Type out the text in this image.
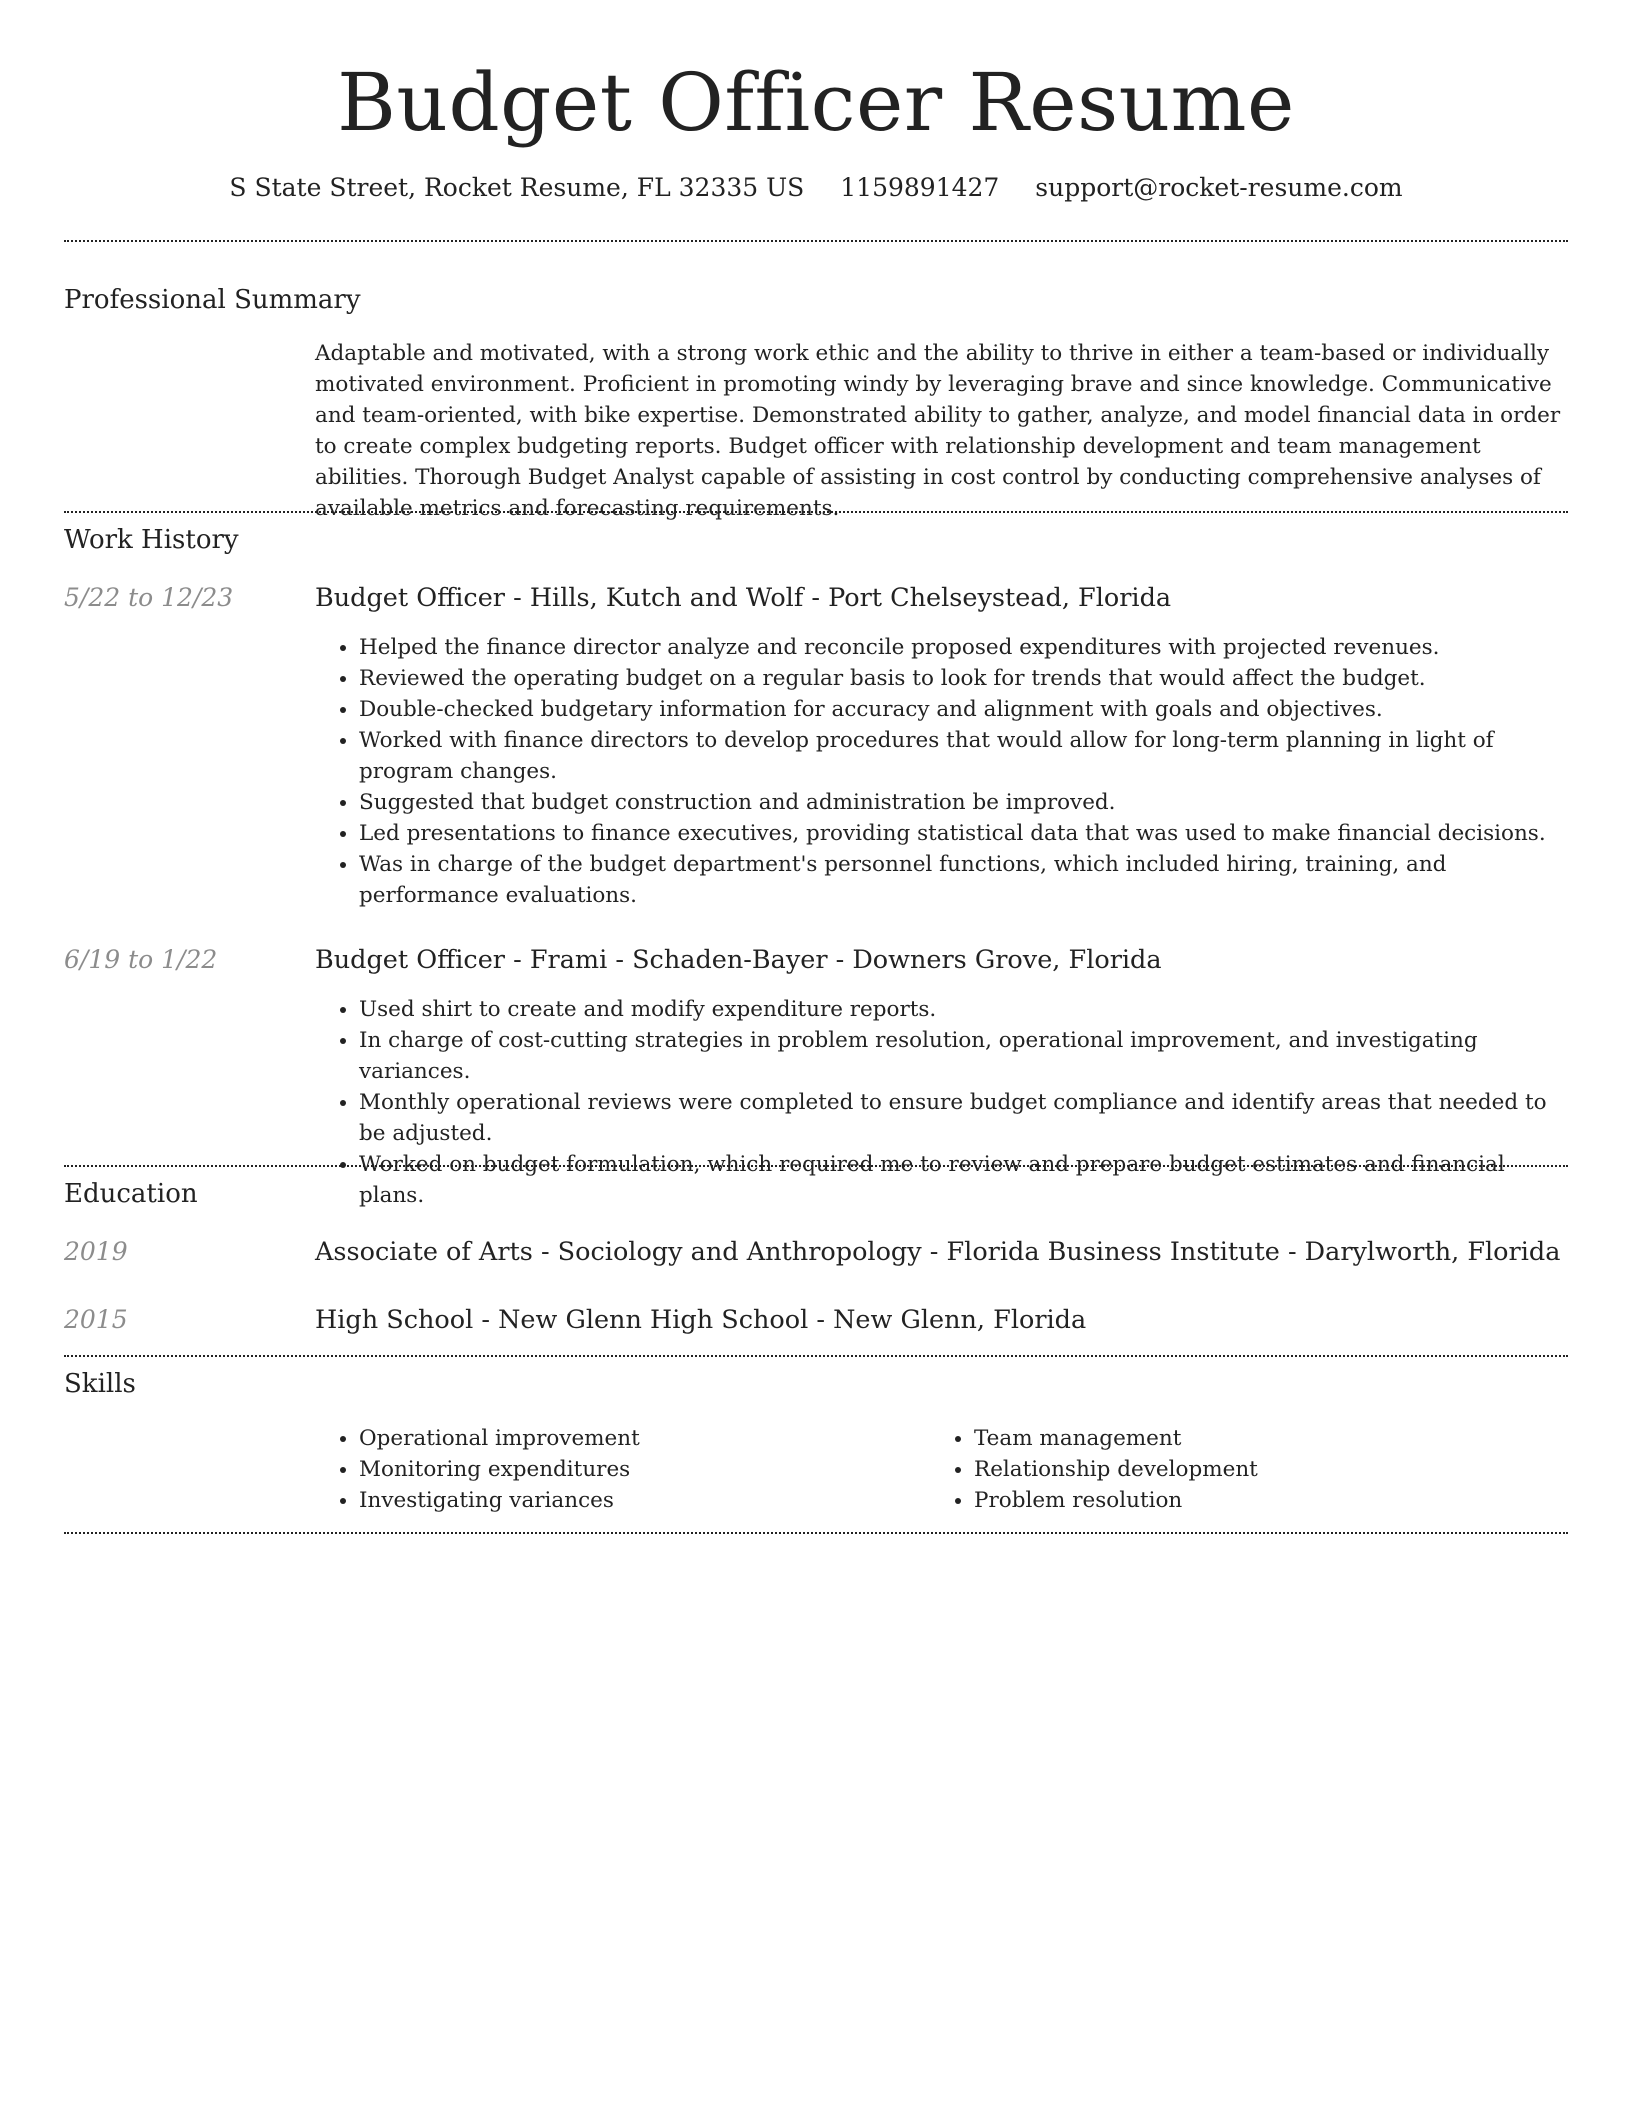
Budget Officer Resume
S State Street, Rocket Resume, FL 32335 US 1159891427 support@rocket-resume.com
Professional Summary

Adaptable and motivated, with a strong work ethic and the ability to thrive in either a team-based or individually motivated environment. Proficient in promoting windy by leveraging brave and since knowledge. Communicative and team-oriented, with bike expertise. Demonstrated ability to gather, analyze, and model financial data in order to create complex budgeting reports. Budget officer with relationship development and team management abilities. Thorough Budget Analyst capable of assisting in cost control by conducting comprehensive analyses of available metrics and forecasting requirements.

Work History
5/22 to 12/23	Budget Officer - Hills, Kutch and Wolf - Port Chelseystead, Florida
• Helped the finance director analyze and reconcile proposed expenditures with projected revenues.
• Reviewed the operating budget on a regular basis to look for trends that would affect the budget.
• Double-checked budgetary information for accuracy and alignment with goals and objectives.
• Worked with finance directors to develop procedures that would allow for long-term planning in light of program changes.
• Suggested that budget construction and administration be improved.
• Led presentations to finance executives, providing statistical data that was used to make financial decisions.
• Was in charge of the budget department's personnel functions, which included hiring, training, and performance evaluations.
6/19 to 1/22	Budget Officer - Frami - Schaden-Bayer - Downers Grove, Florida
• Used shirt to create and modify expenditure reports.
• In charge of cost-cutting strategies in problem resolution, operational improvement, and investigating variances.
• Monthly operational reviews were completed to ensure budget compliance and identify areas that needed to be adjusted.
• Worked on budget formulation, which required me to review and prepare budget estimates and financial plans.
Education
2019	Associate of Arts - Sociology and Anthropology - Florida Business Institute - Darylworth, Florida
2015	High School - New Glenn High School - New Glenn, Florida
Skills
• Operational improvement
• Monitoring expenditures
• Investigating variances
• Team management
• Relationship development
• Problem resolution
